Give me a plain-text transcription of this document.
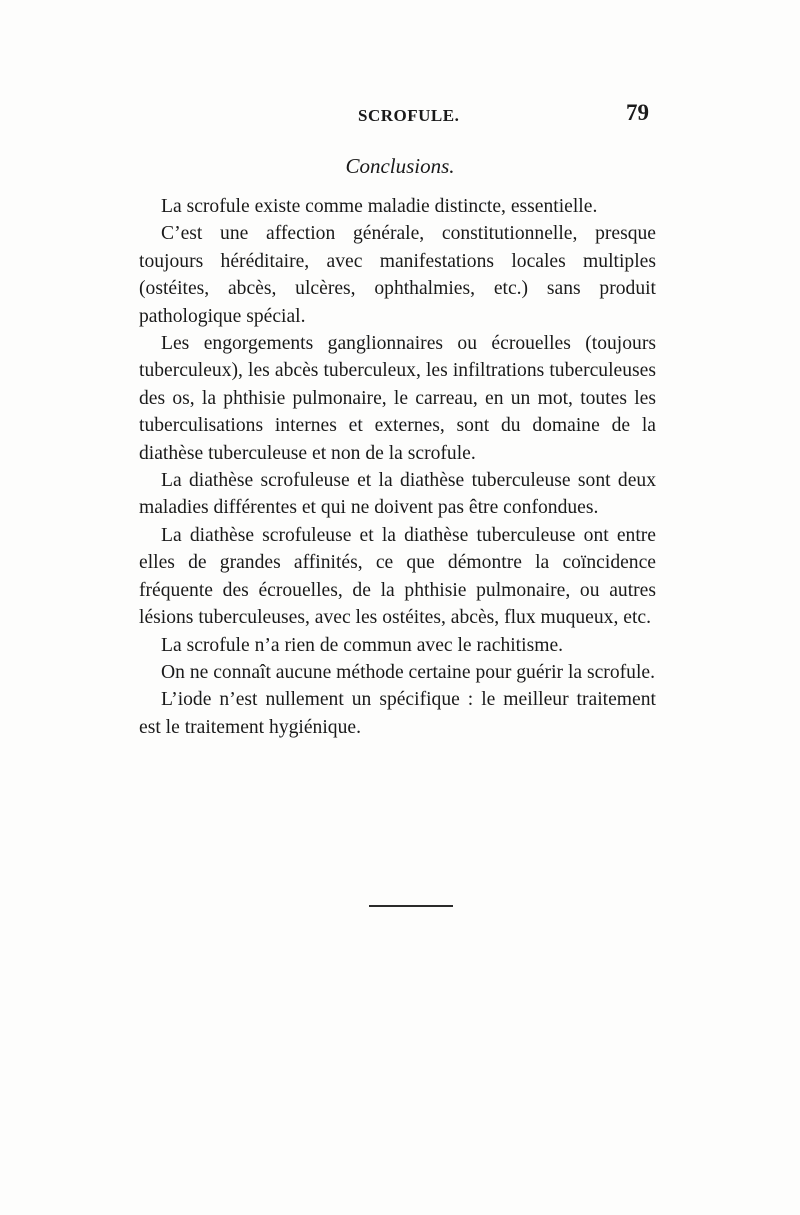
SCROFULE.	79
Conclusions.

La scrofule existe comme maladie distincte, essentielle.

C’est une affection générale, constitutionnelle, presque toujours héréditaire, avec manifestations locales multiples (ostéites, abcès, ulcères, ophthalmies, etc.) sans produit pathologique spécial.

Les engorgements ganglionnaires ou écrouelles (toujours tuberculeux), les abcès tuberculeux, les infiltrations tuberculeuses des os, la phthisie pulmonaire, le carreau, en un mot, toutes les tuberculisations internes et externes, sont du domaine de la diathèse tuberculeuse et non de la scrofule.

La diathèse scrofuleuse et la diathèse tuberculeuse sont deux maladies différentes et qui ne doivent pas être confondues.

La diathèse scrofuleuse et la diathèse tuberculeuse ont entre elles de grandes affinités, ce que démontre la coïncidence fréquente des écrouelles, de la phthisie pulmonaire, ou autres lésions tuberculeuses, avec les ostéites, abcès, flux muqueux, etc.

La scrofule n’a rien de commun avec le rachitisme.

On ne connaît aucune méthode certaine pour guérir la scrofule.

L’iode n’est nullement un spécifique : le meilleur traitement est le traitement hygiénique.
